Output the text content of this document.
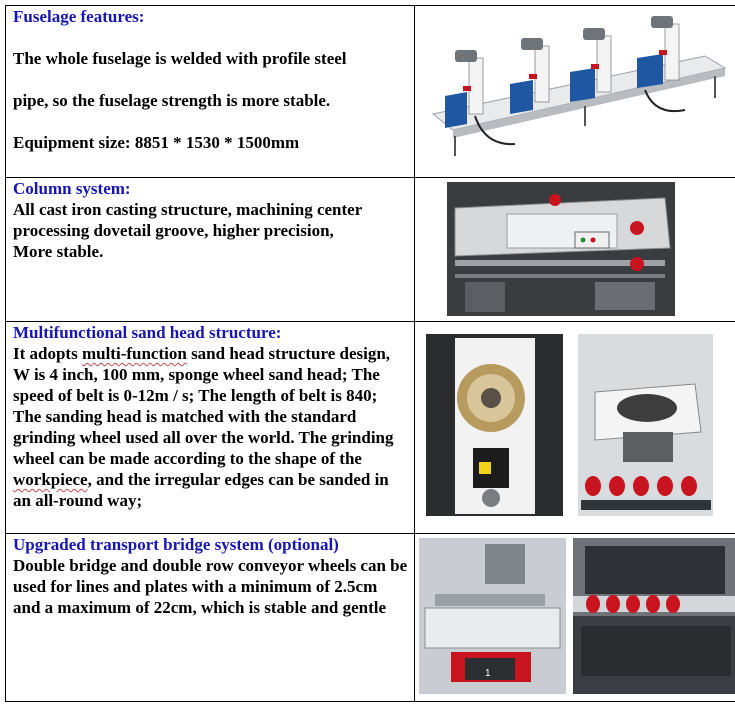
Fuselage features:

The whole fuselage is welded with profile steel

pipe, so the fuselage strength is more stable.

Equipment size: 8851 * 1530 * 1500mm

Column system:

All cast iron casting structure, machining center processing dovetail groove, higher precision,

More stable.

Multifunctional sand head structure:

It adopts multi-function sand head structure design, W is 4 inch, 100 mm, sponge wheel sand head; The speed of belt is 0-12m / s; The length of belt is 840; The sanding head is matched with the standard grinding wheel used all over the world. The grinding wheel can be made according to the shape of the workpiece, and the irregular edges can be sanded in an all-round way;

Upgraded transport bridge system (optional)

Double bridge and double row conveyor wheels can be used for lines and plates with a minimum of 2.5cm and a maximum of 22cm, which is stable and gentle	1
